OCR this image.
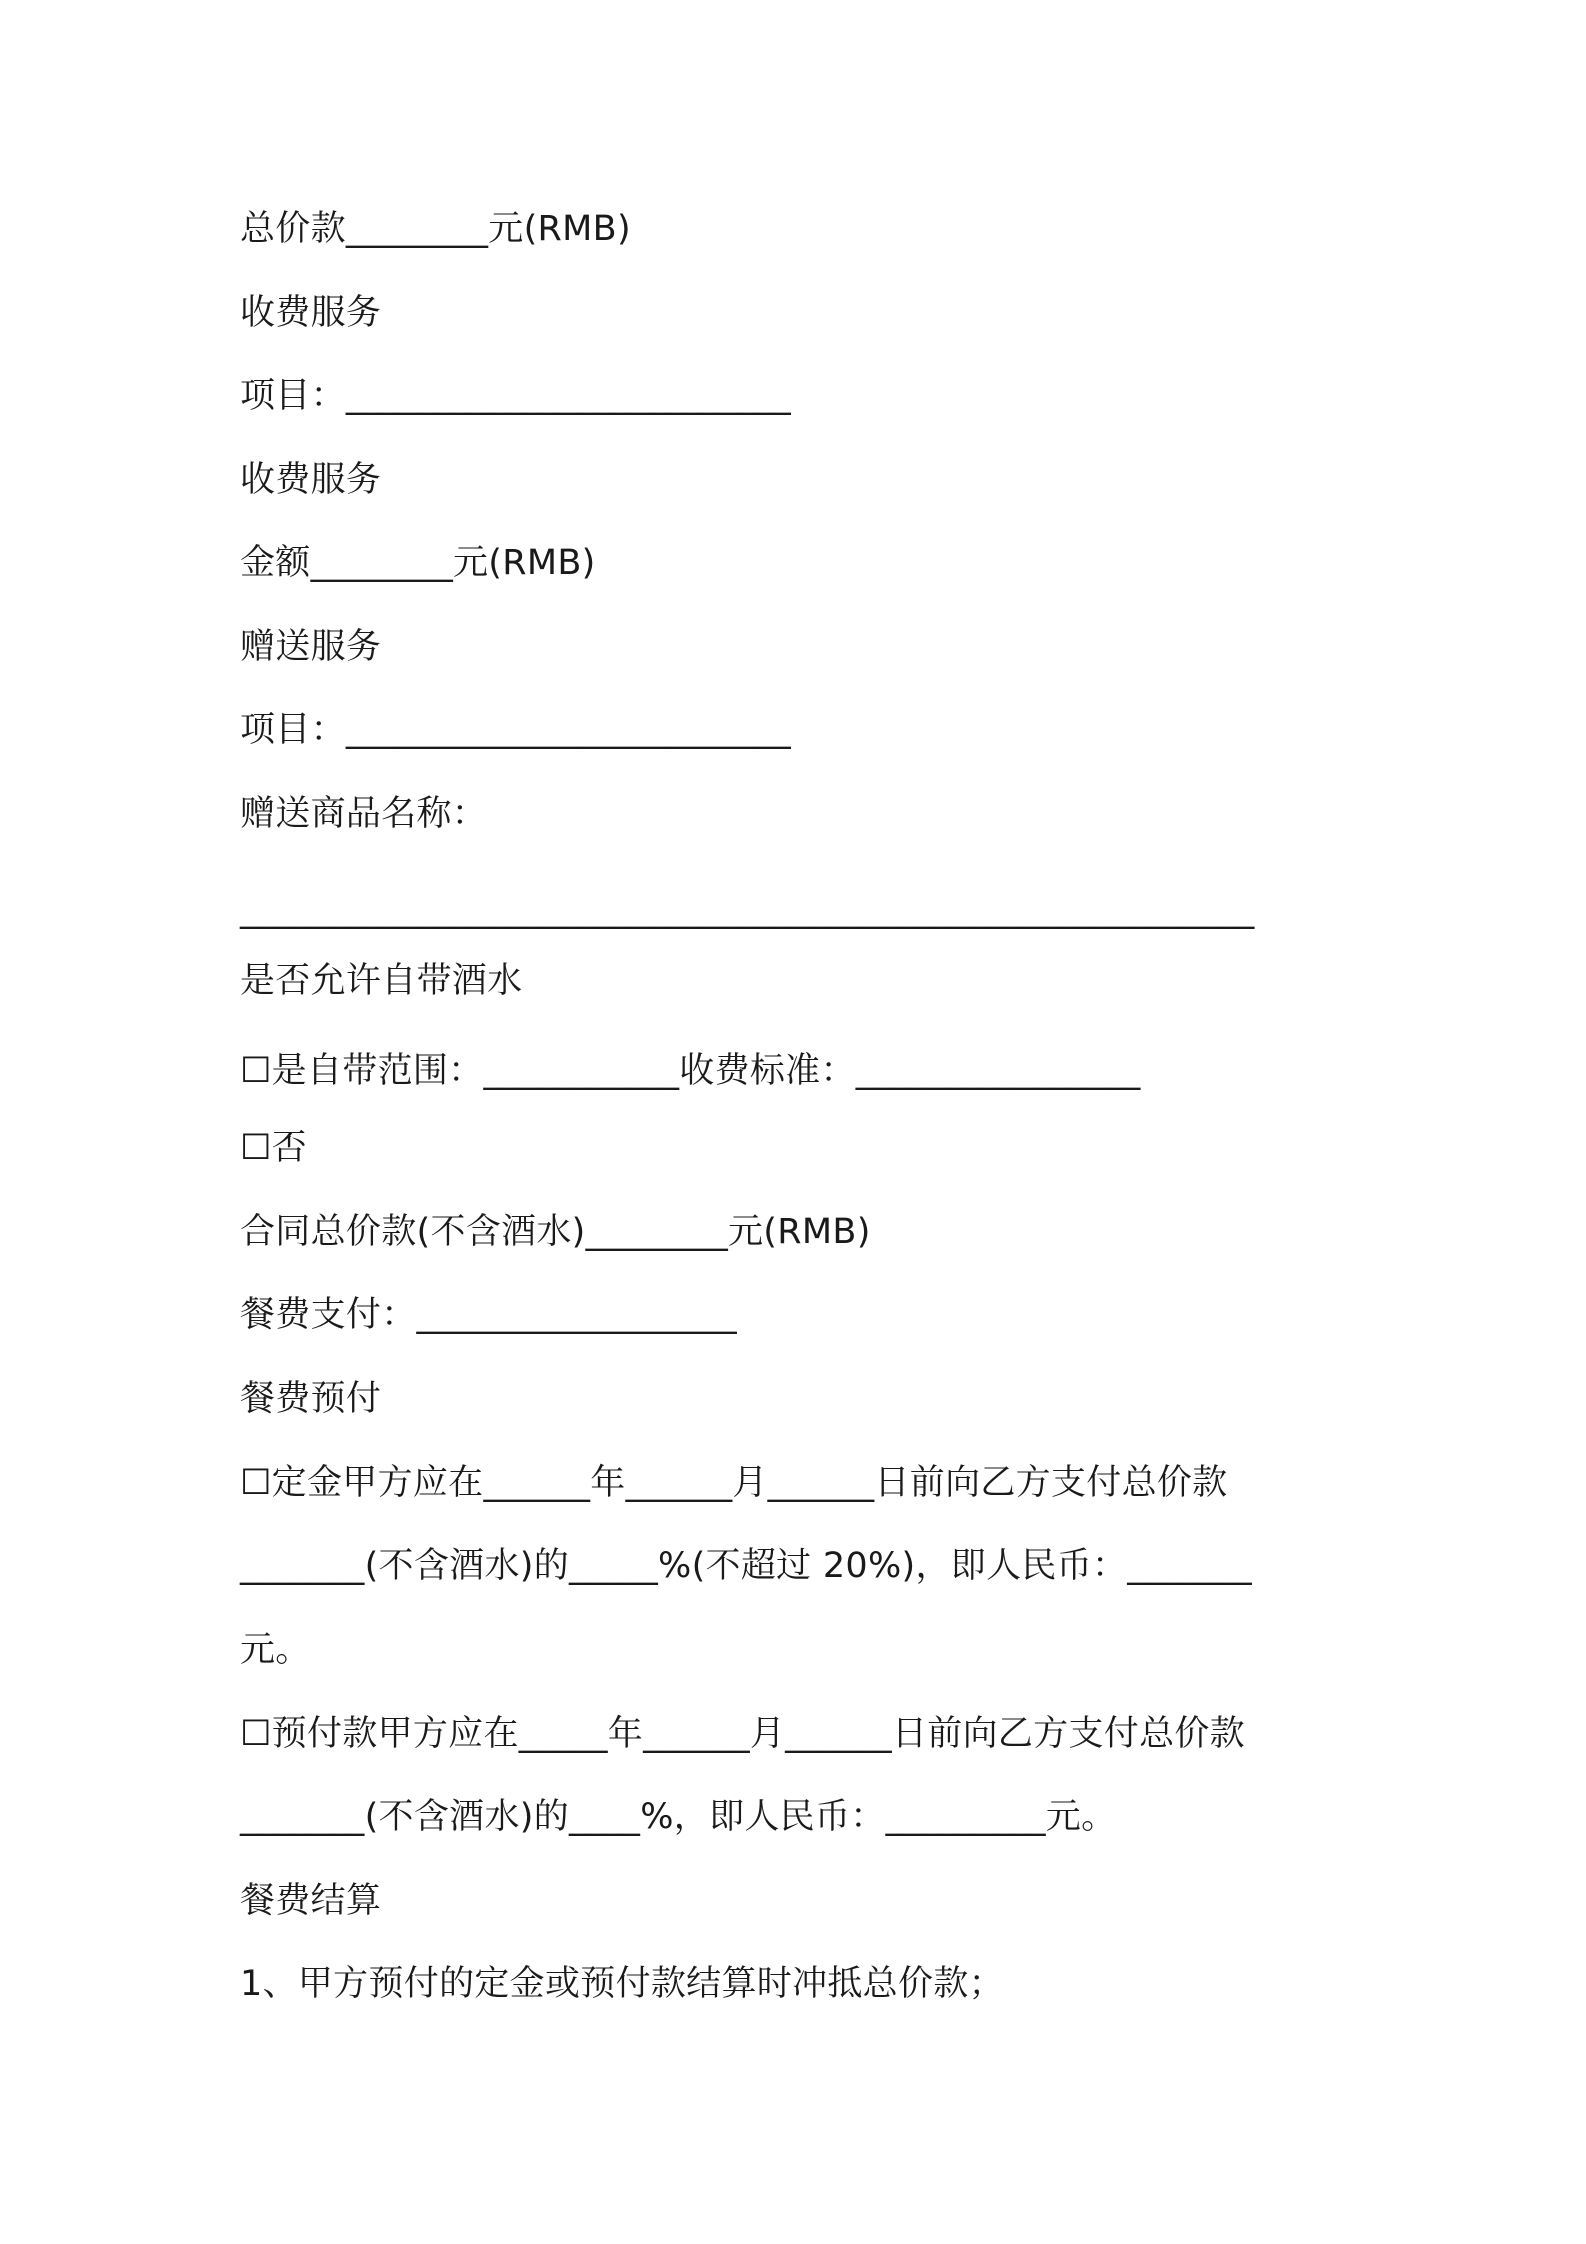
总价款________元(RMB)
收费服务
项目：_________________________
收费服务
金额________元(RMB)
赠送服务
项目：_________________________
赠送商品名称：
_________________________________________________________
是否允许自带酒水
☐是自带范围：___________收费标准：________________
☐否
合同总价款(不含酒水)________元(RMB)
餐费支付：__________________
餐费预付
☐定金甲方应在______年______月______日前向乙方支付总价款
_______(不含酒水)的_____%(不超过 20%)，即人民币：_______
元。
☐预付款甲方应在_____年______月______日前向乙方支付总价款
_______(不含酒水)的____%，即人民币：_________元。
餐费结算
1、甲方预付的定金或预付款结算时冲抵总价款；
